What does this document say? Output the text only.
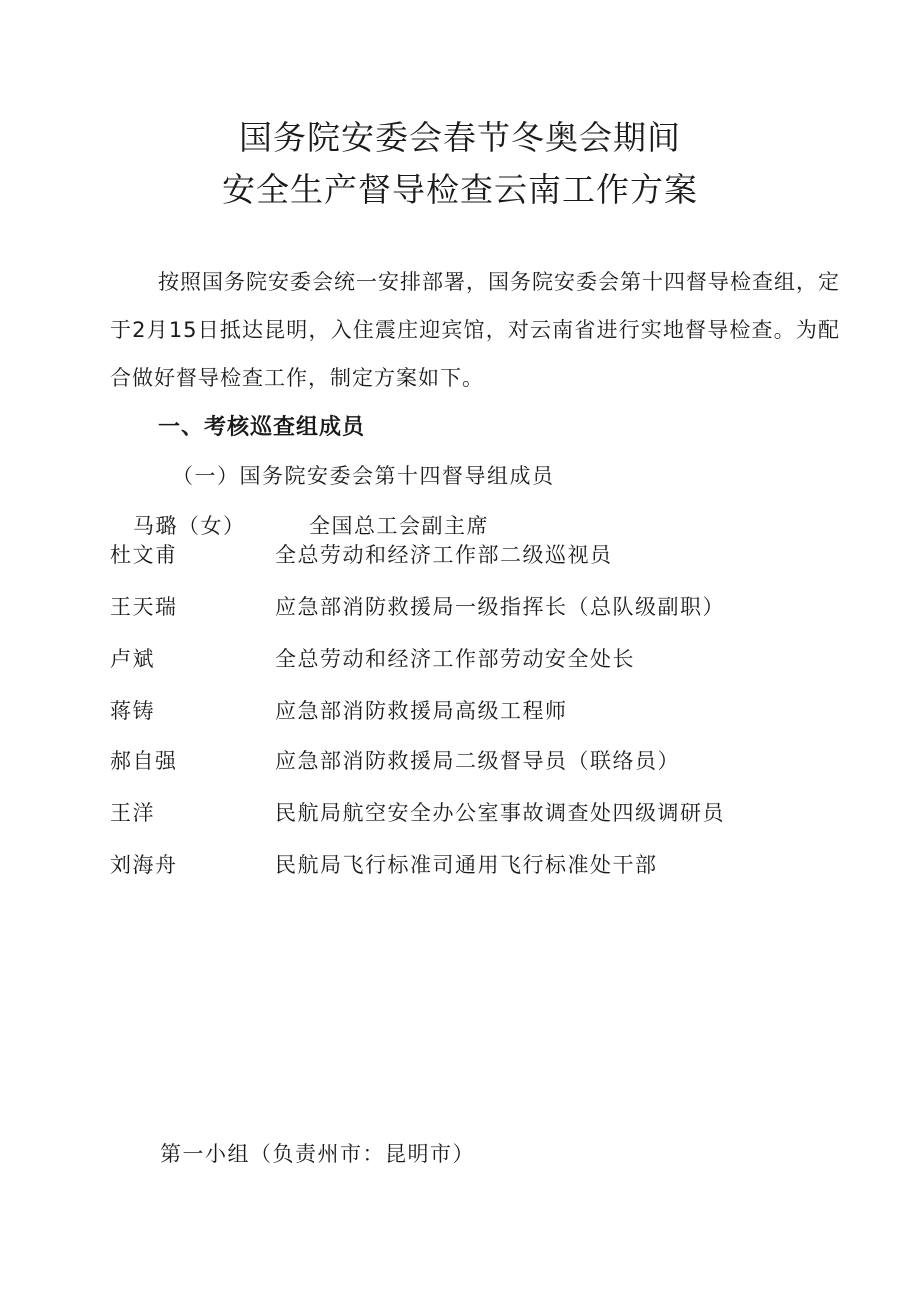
国务院安委会春节冬奥会期间
安全生产督导检查云南工作方案
按照国务院安委会统一安排部署，国务院安委会第十四督导检查组，定于2月15日抵达昆明，入住震庄迎宾馆，对云南省进行实地督导检查。为配合做好督导检查工作，制定方案如下。
一、考核巡查组成员
（一）国务院安委会第十四督导组成员
马璐（女）	全国总工会副主席
杜文甫	全总劳动和经济工作部二级巡视员
王天瑞	应急部消防救援局一级指挥长（总队级副职）
卢斌	全总劳动和经济工作部劳动安全处长
蒋铸	应急部消防救援局高级工程师
郝自强	应急部消防救援局二级督导员（联络员）
王洋	民航局航空安全办公室事故调查处四级调研员
刘海舟	民航局飞行标准司通用飞行标准处干部
第一小组（负责州市：昆明市）
